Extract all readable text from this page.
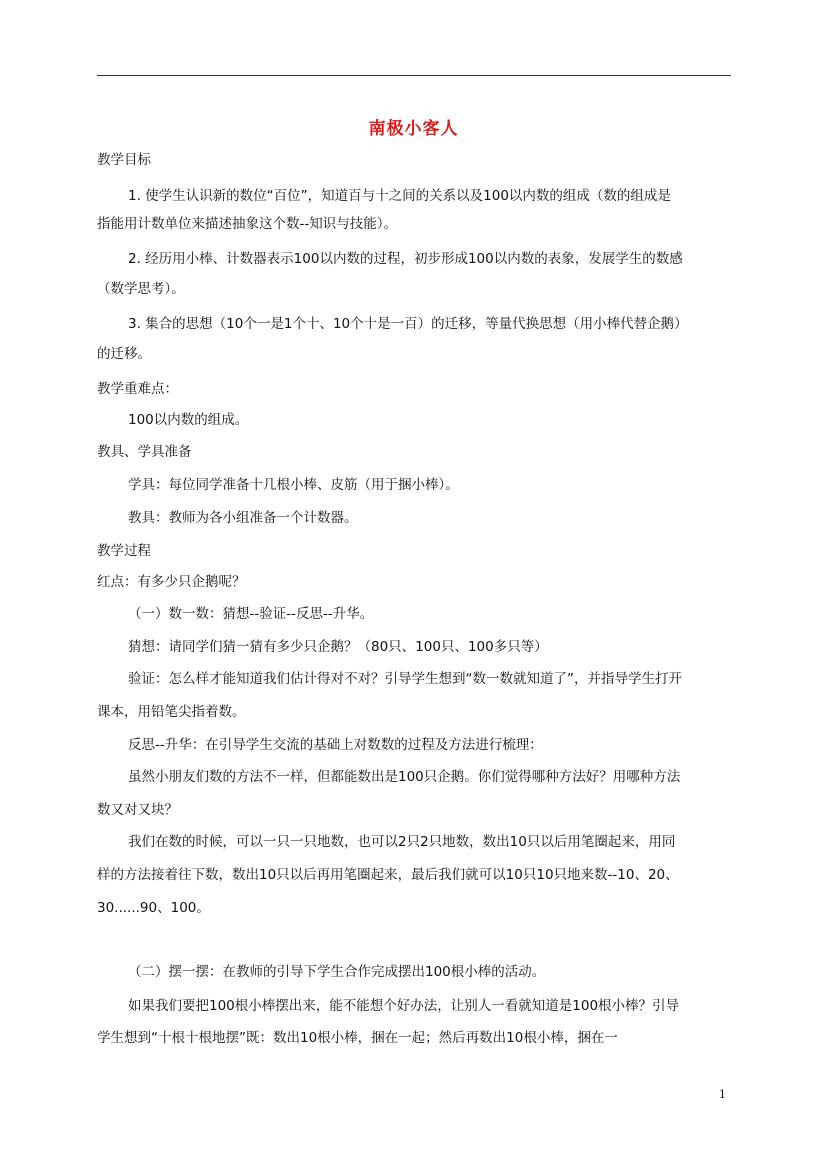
南极小客人
教学目标
1. 使学生认识新的数位“百位”，知道百与十之间的关系以及100以内数的组成（数的组成是
指能用计数单位来描述抽象这个数--知识与技能）。
2. 经历用小棒、计数器表示100以内数的过程，初步形成100以内数的表象，发展学生的数感
（数学思考）。
3. 集合的思想（10个一是1个十、10个十是一百）的迁移，等量代换思想（用小棒代替企鹅）
的迁移。
教学重难点：
100以内数的组成。
教具、学具准备
学具：每位同学准备十几根小棒、皮筋（用于捆小棒）。
教具：教师为各小组准备一个计数器。
教学过程
红点：有多少只企鹅呢？
（一）数一数：猜想--验证--反思--升华。
猜想：请同学们猜一猜有多少只企鹅？（80只、100只、100多只等）
验证：怎么样才能知道我们估计得对不对？引导学生想到“数一数就知道了”，并指导学生打开
课本，用铅笔尖指着数。
反思--升华：在引导学生交流的基础上对数数的过程及方法进行梳理：
虽然小朋友们数的方法不一样，但都能数出是100只企鹅。你们觉得哪种方法好？用哪种方法
数又对又块？
我们在数的时候，可以一只一只地数，也可以2只2只地数，数出10只以后用笔圈起来，用同
样的方法接着往下数，数出10只以后再用笔圈起来，最后我们就可以10只10只地来数--10、20、
30......90、100。
（二）摆一摆：在教师的引导下学生合作完成摆出100根小棒的活动。
如果我们要把100根小棒摆出来，能不能想个好办法，让别人一看就知道是100根小棒？引导
学生想到“十根十根地摆”既：数出10根小棒，捆在一起；然后再数出10根小棒，捆在一
1
